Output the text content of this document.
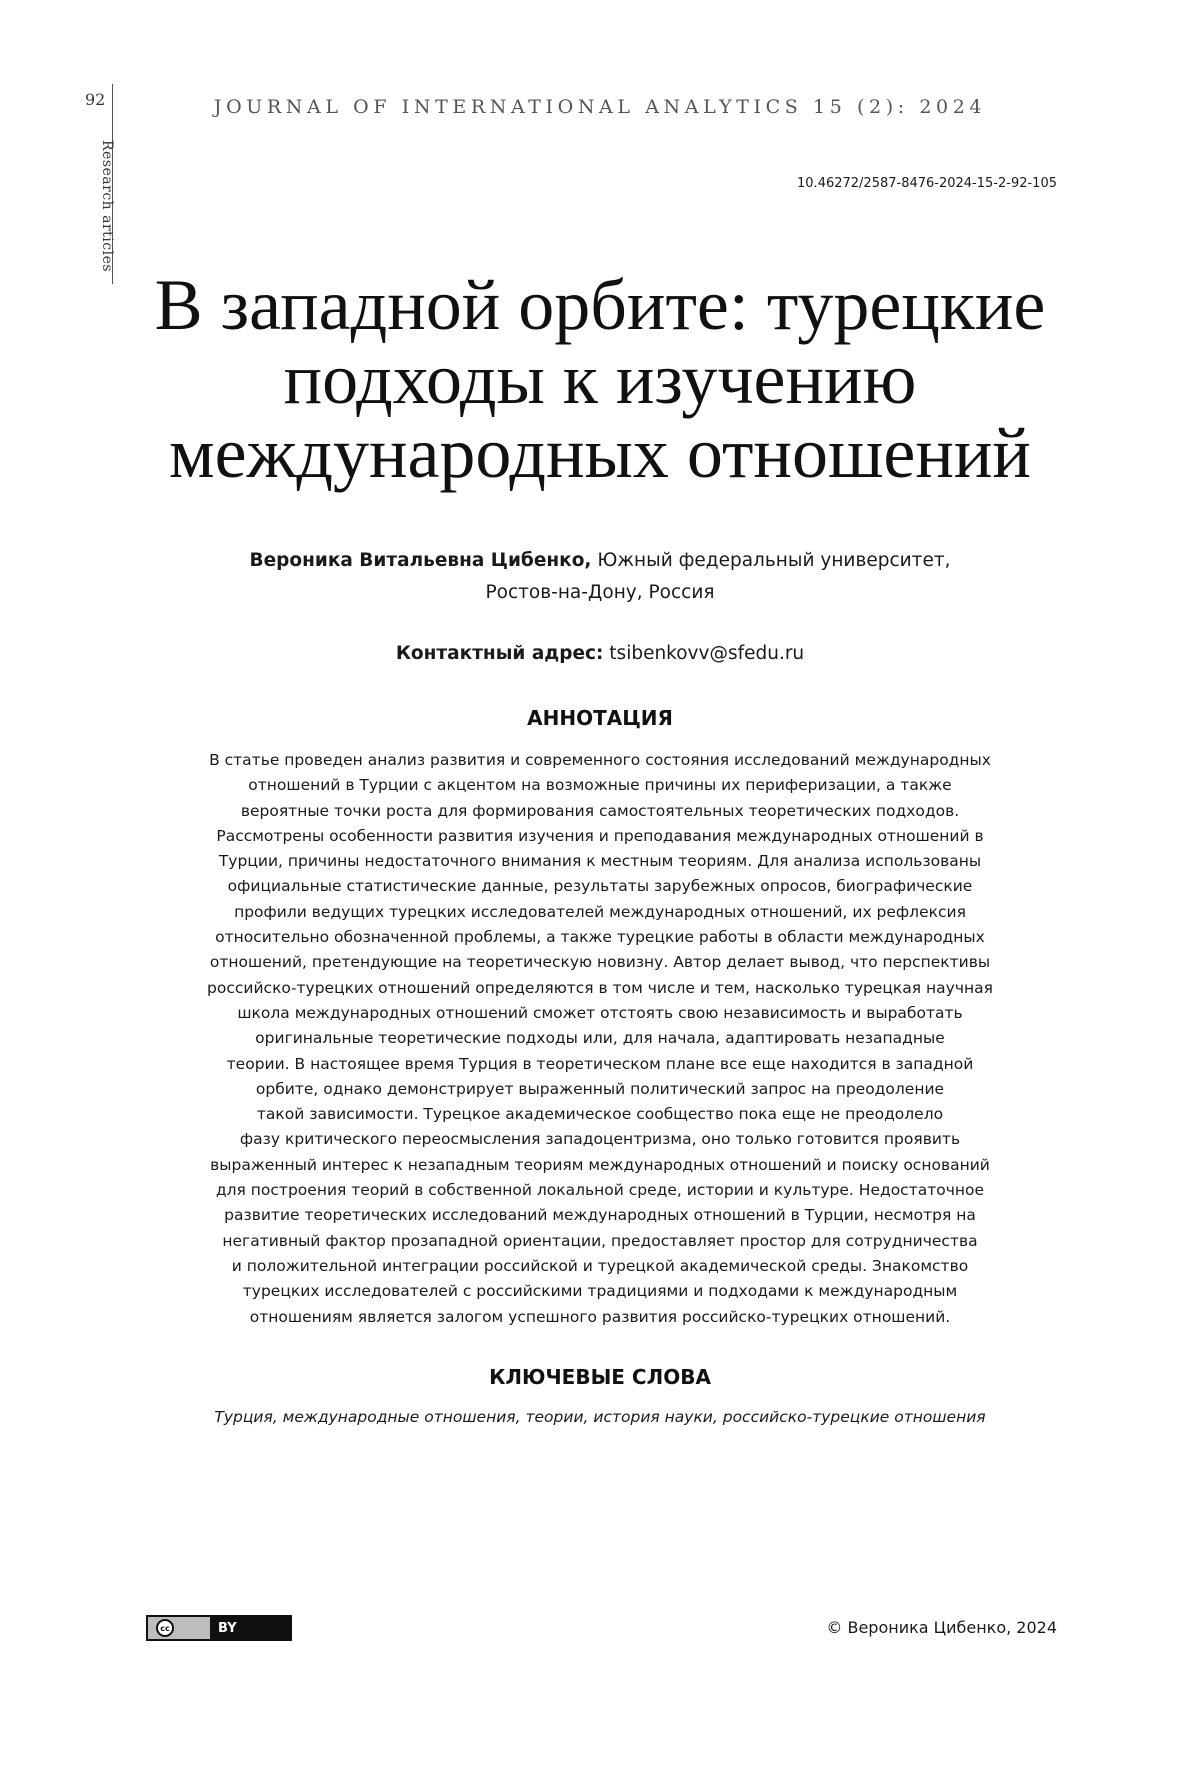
92
Research articles
JOURNAL OF INTERNATIONAL ANALYTICS 15 (2): 2024
10.46272/2587-8476-2024-15-2-92-105
В западной орбите: турецкие
подходы к изучению
международных отношений
Вероника Витальевна Цибенко, Южный федеральный университет,
Ростов-на-Дону, Россия
Контактный адрес: tsibenkovv@sfedu.ru
АННОТАЦИЯ
В статье проведен анализ развития и современного состояния исследований международных
отношений в Турции с акцентом на возможные причины их периферизации, а также
вероятные точки роста для формирования самостоятельных теоретических подходов.
Рассмотрены особенности развития изучения и преподавания международных отношений в
Турции, причины недостаточного внимания к местным теориям. Для анализа использованы
официальные статистические данные, результаты зарубежных опросов, биографические
профили ведущих турецких исследователей международных отношений, их рефлексия
относительно обозначенной проблемы, а также турецкие работы в области международных
отношений, претендующие на теоретическую новизну. Автор делает вывод, что перспективы
российско-турецких отношений определяются в том числе и тем, насколько турецкая научная
школа международных отношений сможет отстоять свою независимость и выработать
оригинальные теоретические подходы или, для начала, адаптировать незападные
теории. В настоящее время Турция в теоретическом плане все еще находится в западной
орбите, однако демонстрирует выраженный политический запрос на преодоление
такой зависимости. Турецкое академическое сообщество пока еще не преодолело
фазу критического переосмысления западоцентризма, оно только готовится проявить
выраженный интерес к незападным теориям международных отношений и поиску оснований
для построения теорий в собственной локальной среде, истории и культуре. Недостаточное
развитие теоретических исследований международных отношений в Турции, несмотря на
негативный фактор прозападной ориентации, предоставляет простор для сотрудничества
и положительной интеграции российской и турецкой академической среды. Знакомство
турецких исследователей с российскими традициями и подходами к международным
отношениям является залогом успешного развития российско-турецких отношений.
КЛЮЧЕВЫЕ СЛОВА
Турция, международные отношения, теории, история науки, российско-турецкие отношения
cc	BY	© Вероника Цибенко, 2024
